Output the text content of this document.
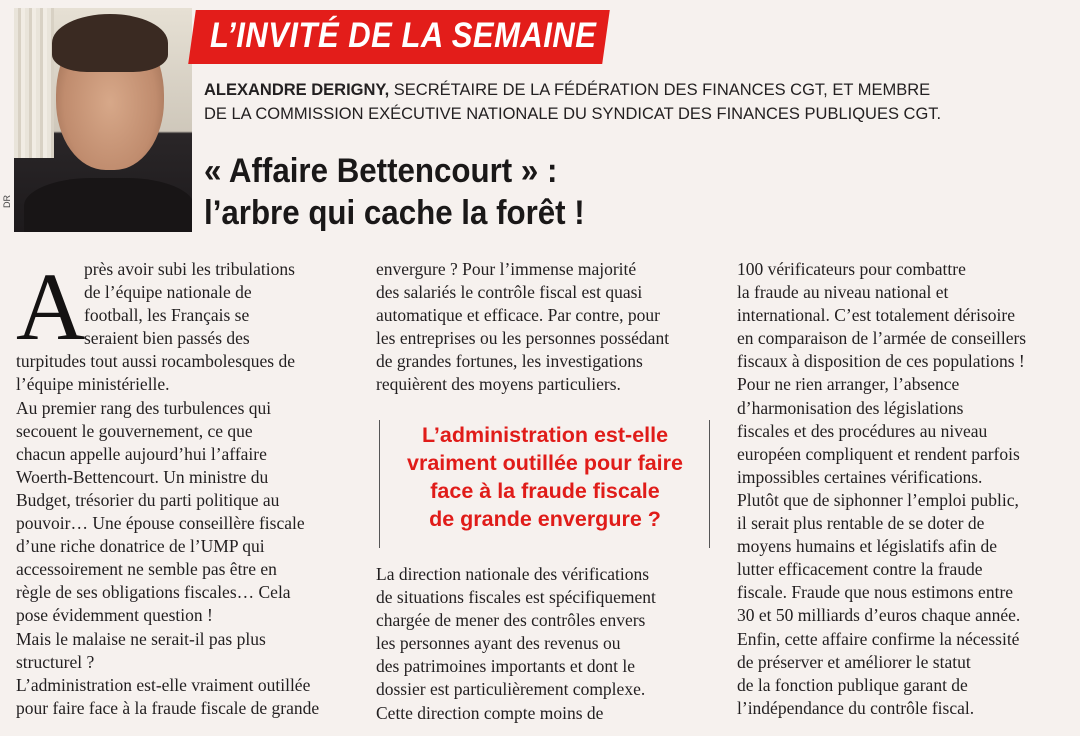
DR
L’INVITÉ DE LA SEMAINE
ALEXANDRE DERIGNY, SECRÉTAIRE DE LA FÉDÉRATION DES FINANCES CGT, ET MEMBRE
DE LA COMMISSION EXÉCUTIVE NATIONALE DU SYNDICAT DES FINANCES PUBLIQUES CGT.
« Affaire Bettencourt » :
l’arbre qui cache la forêt !
A
près avoir subi les tribulations
de l’équipe nationale de
football, les Français se
seraient bien passés des
turpitudes tout aussi rocambolesques de
l’équipe ministérielle.
Au premier rang des turbulences qui
secouent le gouvernement, ce que
chacun appelle aujourd’hui l’affaire
Woerth-Bettencourt. Un ministre du
Budget, trésorier du parti politique au
pouvoir… Une épouse conseillère fiscale
d’une riche donatrice de l’UMP qui
accessoirement ne semble pas être en
règle de ses obligations fiscales… Cela
pose évidemment question !
Mais le malaise ne serait-il pas plus
structurel ?
L’administration est-elle vraiment outillée
pour faire face à la fraude fiscale de grande
envergure ? Pour l’immense majorité
des salariés le contrôle fiscal est quasi
automatique et efficace. Par contre, pour
les entreprises ou les personnes possédant
de grandes fortunes, les investigations
requièrent des moyens particuliers.
L’administration est-elle
vraiment outillée pour faire
face à la fraude fiscale
de grande envergure ?
La direction nationale des vérifications
de situations fiscales est spécifiquement
chargée de mener des contrôles envers
les personnes ayant des revenus ou
des patrimoines importants et dont le
dossier est particulièrement complexe.
Cette direction compte moins de
100 vérificateurs pour combattre
la fraude au niveau national et
international. C’est totalement dérisoire
en comparaison de l’armée de conseillers
fiscaux à disposition de ces populations !
Pour ne rien arranger, l’absence
d’harmonisation des législations
fiscales et des procédures au niveau
européen compliquent et rendent parfois
impossibles certaines vérifications.
Plutôt que de siphonner l’emploi public,
il serait plus rentable de se doter de
moyens humains et législatifs afin de
lutter efficacement contre la fraude
fiscale. Fraude que nous estimons entre
30 et 50 milliards d’euros chaque année.
Enfin, cette affaire confirme la nécessité
de préserver et améliorer le statut
de la fonction publique garant de
l’indépendance du contrôle fiscal.
